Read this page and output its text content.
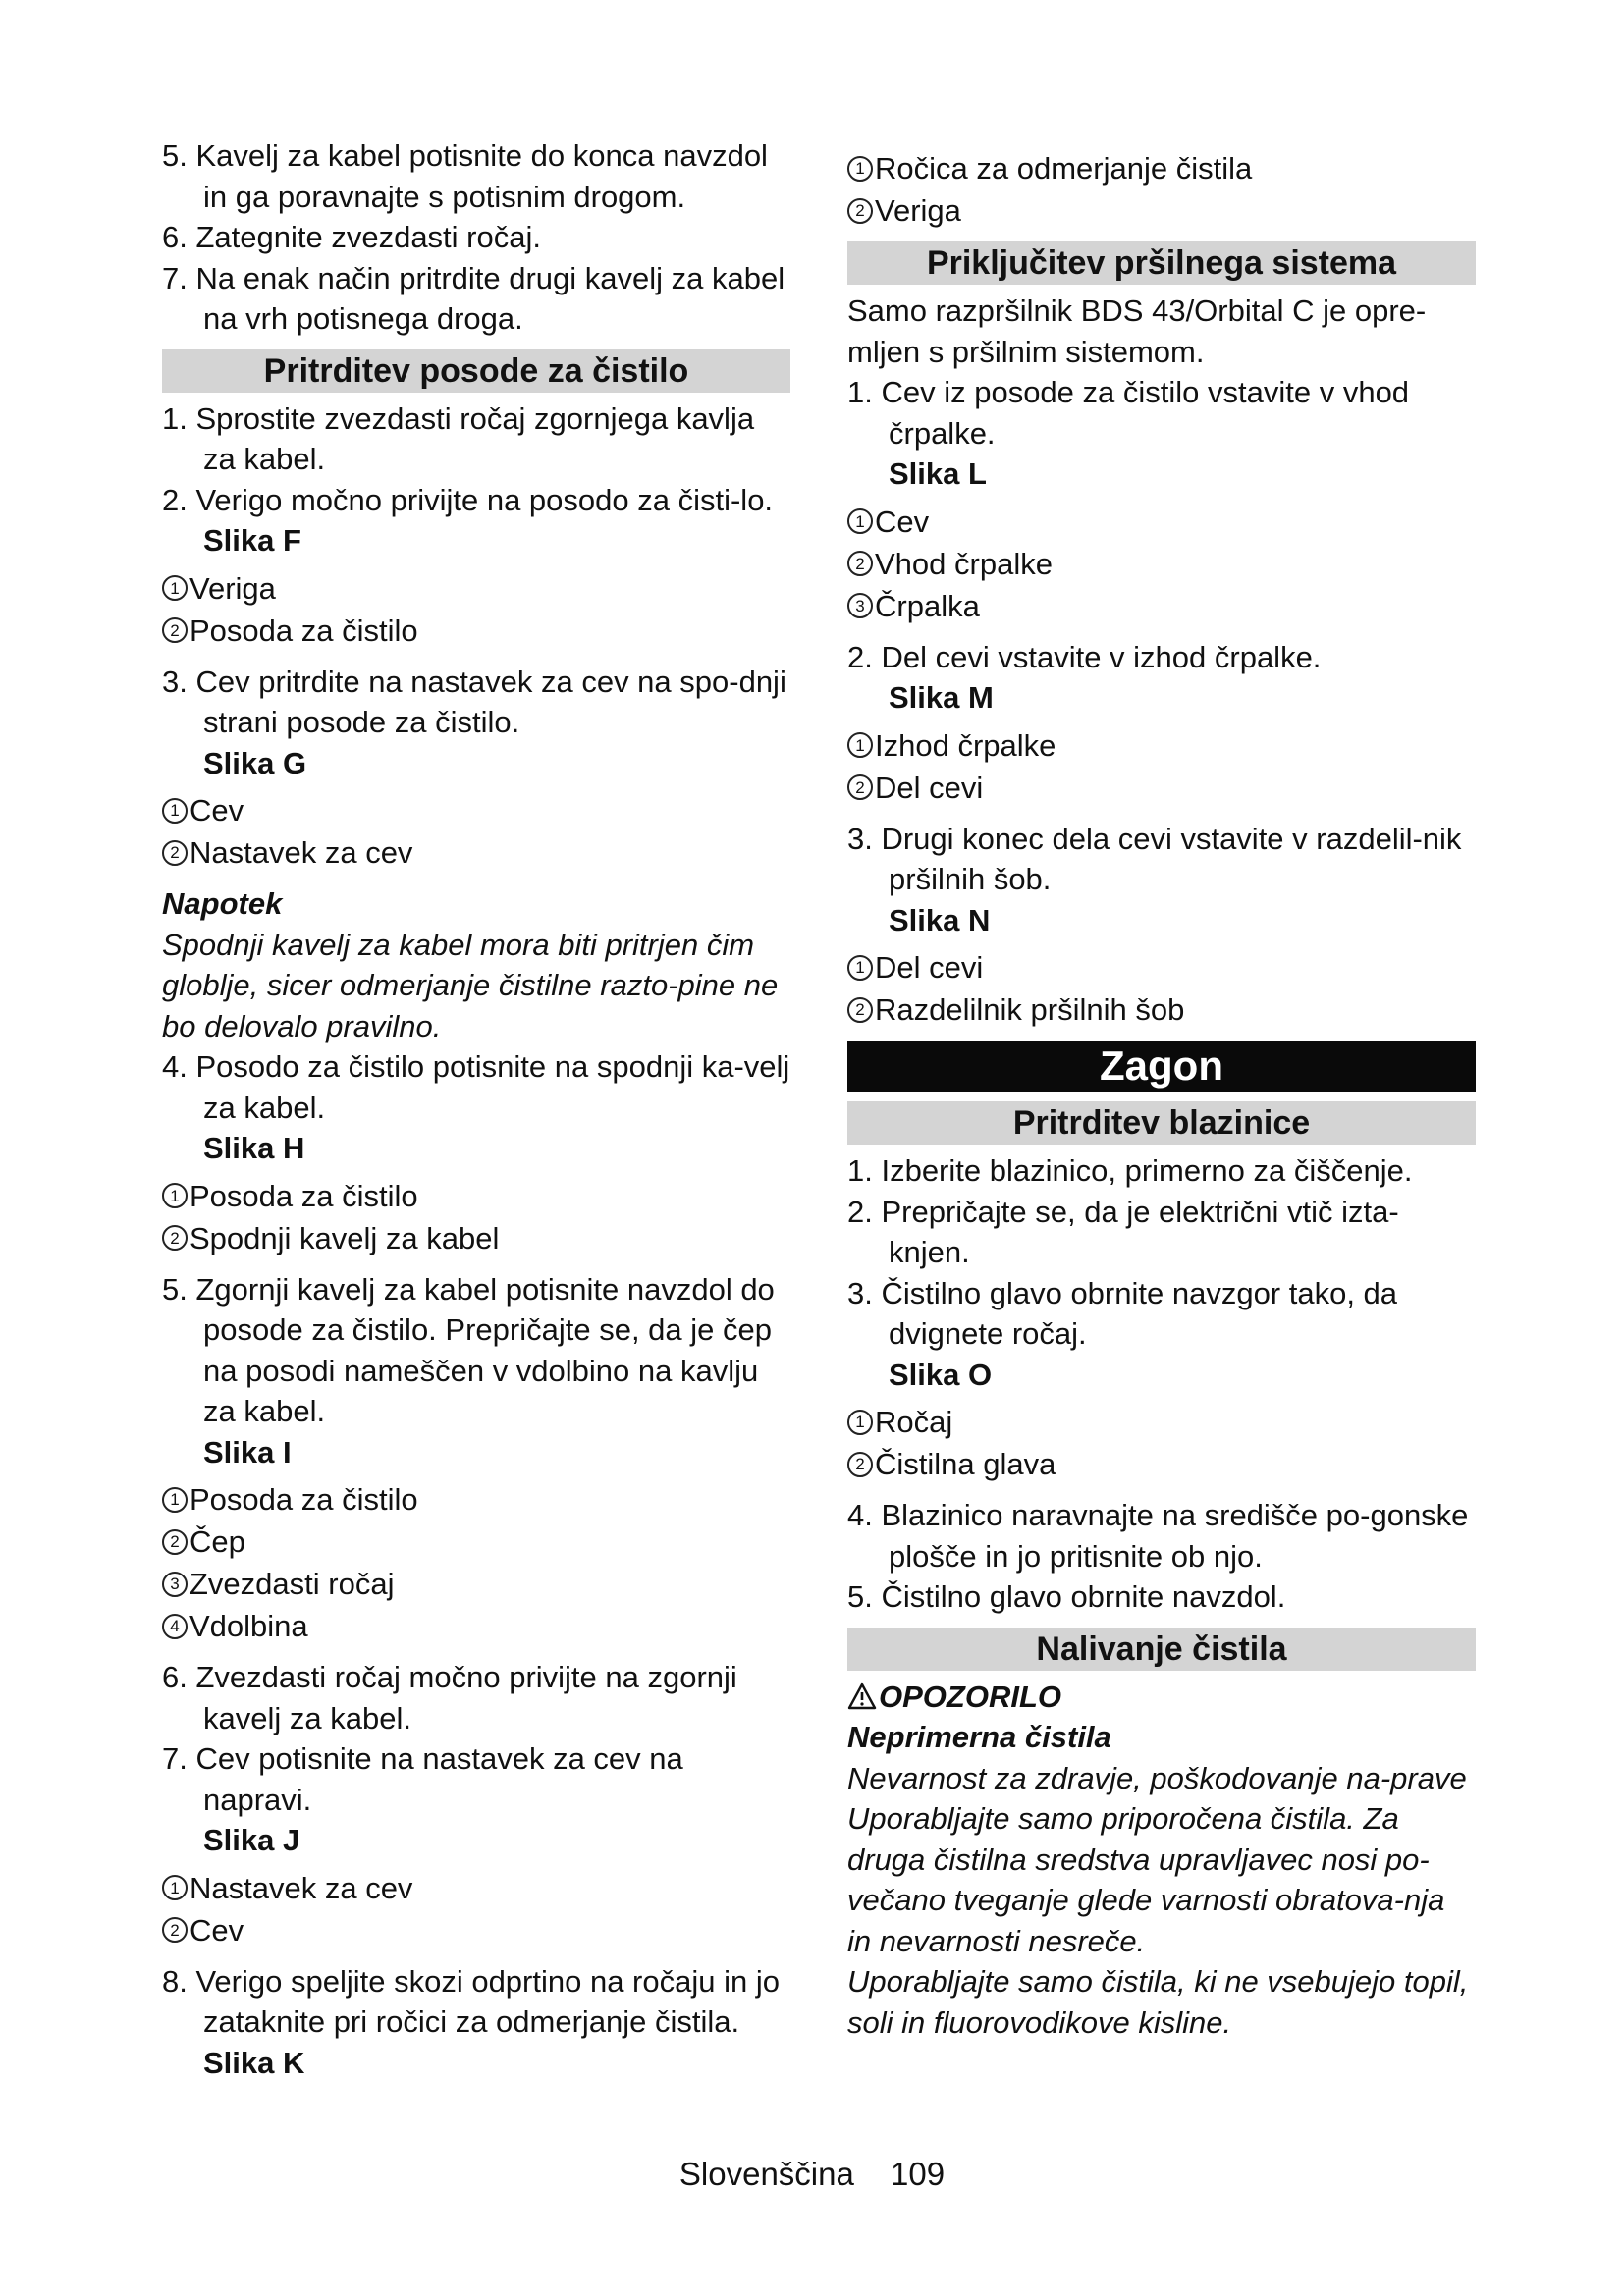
5. Kavelj za kabel potisnite do konca navzdol in ga poravnajte s potisnim drogom.

6. Zategnite zvezdasti ročaj.

7. Na enak način pritrdite drugi kavelj za kabel na vrh potisnega droga.

Pritrditev posode za čistilo

1. Sprostite zvezdasti ročaj zgornjega kavlja za kabel.

2. Verigo močno privijte na posodo za čisti-lo.

Slika F
1 Veriga
2 Posoda za čistilo

3. Cev pritrdite na nastavek za cev na spo-dnji strani posode za čistilo.

Slika G
1 Cev
2 Nastavek za cev

Napotek

Spodnji kavelj za kabel mora biti pritrjen čim globlje, sicer odmerjanje čistilne razto-pine ne bo delovalo pravilno.

4. Posodo za čistilo potisnite na spodnji ka-velj za kabel.

Slika H
1 Posoda za čistilo
2 Spodnji kavelj za kabel

5. Zgornji kavelj za kabel potisnite navzdol do posode za čistilo. Prepričajte se, da je čep na posodi nameščen v vdolbino na kavlju za kabel.

Slika I
1 Posoda za čistilo
2 Čep
3 Zvezdasti ročaj
4 Vdolbina

6. Zvezdasti ročaj močno privijte na zgornji kavelj za kabel.

7. Cev potisnite na nastavek za cev na napravi.

Slika J
1 Nastavek za cev
2 Cev

8. Verigo speljite skozi odprtino na ročaju in jo zataknite pri ročici za odmerjanje čistila.

Slika K
1 Ročica za odmerjanje čistila
2 Veriga
Priključitev pršilnega sistema

Samo razpršilnik BDS 43/Orbital C je opre-mljen s pršilnim sistemom.

1. Cev iz posode za čistilo vstavite v vhod črpalke.

Slika L
1 Cev
2 Vhod črpalke
3 Črpalka

2. Del cevi vstavite v izhod črpalke.

Slika M
1 Izhod črpalke
2 Del cevi

3. Drugi konec dela cevi vstavite v razdelil-nik pršilnih šob.

Slika N
1 Del cevi
2 Razdelilnik pršilnih šob
Zagon
Pritrditev blazinice

1. Izberite blazinico, primerno za čiščenje.

2. Prepričajte se, da je električni vtič izta-knjen.

3. Čistilno glavo obrnite navzgor tako, da dvignete ročaj.

Slika O
1 Ročaj
2 Čistilna glava

4. Blazinico naravnajte na središče po-gonske plošče in jo pritisnite ob njo.

5. Čistilno glavo obrnite navzdol.

Nalivanje čistila
OPOZORILO

Neprimerna čistila

Nevarnost za zdravje, poškodovanje na-prave

Uporabljajte samo priporočena čistila. Za druga čistilna sredstva upravljavec nosi po-večano tveganje glede varnosti obratova-nja in nevarnosti nesreče.

Uporabljajte samo čistila, ki ne vsebujejo topil, soli in fluorovodikove kisline.

Slovenščina 109
